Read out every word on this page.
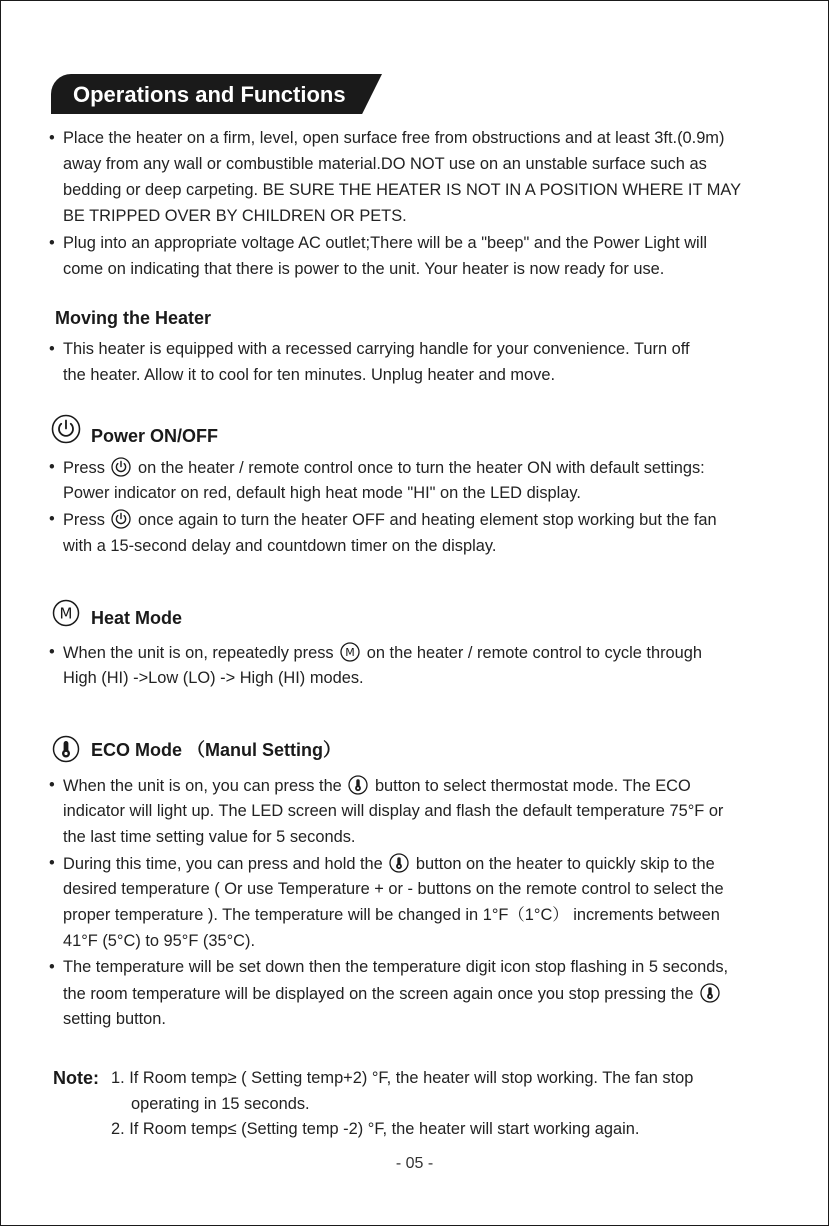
Operations and Functions
• Place the heater on a firm, level, open surface free from obstructions and at least 3ft.(0.9m)
away from any wall or combustible material.DO NOT use on an unstable surface such as
bedding or deep carpeting. BE SURE THE HEATER IS NOT IN A POSITION WHERE IT MAY
BE TRIPPED OVER BY CHILDREN OR PETS.
• Plug into an appropriate voltage AC outlet;There will be a "beep" and the Power Light will
come on indicating that there is power to the unit. Your heater is now ready for use.
Moving the Heater
• This heater is equipped with a recessed carrying handle for your convenience. Turn off
the heater. Allow it to cool for ten minutes. Unplug heater and move.
Power ON/OFF
• Press on the heater / remote control once to turn the heater ON with default settings:
Power indicator on red, default high heat mode "HI" on the LED display.
• Press once again to turn the heater OFF and heating element stop working but the fan
with a 15-second delay and countdown timer on the display.
M Heat Mode
• When the unit is on, repeatedly press M on the heater / remote control to cycle through
High (HI) ->Low (LO) -> High (HI) modes.
ECO Mode （Manul Setting）
• When the unit is on, you can press the button to select thermostat mode. The ECO
indicator will light up. The LED screen will display and flash the default temperature 75°F or
the last time setting value for 5 seconds.
• During this time, you can press and hold the button on the heater to quickly skip to the
desired temperature ( Or use Temperature + or - buttons on the remote control to select the
proper temperature ). The temperature will be changed in 1°F（1°C） increments between
41°F (5°C) to 95°F (35°C).
• The temperature will be set down then the temperature digit icon stop flashing in 5 seconds,
the room temperature will be displayed on the screen again once you stop pressing the
setting button.
Note: 1. If Room temp≥ ( Setting temp+2) °F, the heater will stop working. The fan stop
operating in 15 seconds.
2. If Room temp≤ (Setting temp -2) °F, the heater will start working again.
- 05 -
